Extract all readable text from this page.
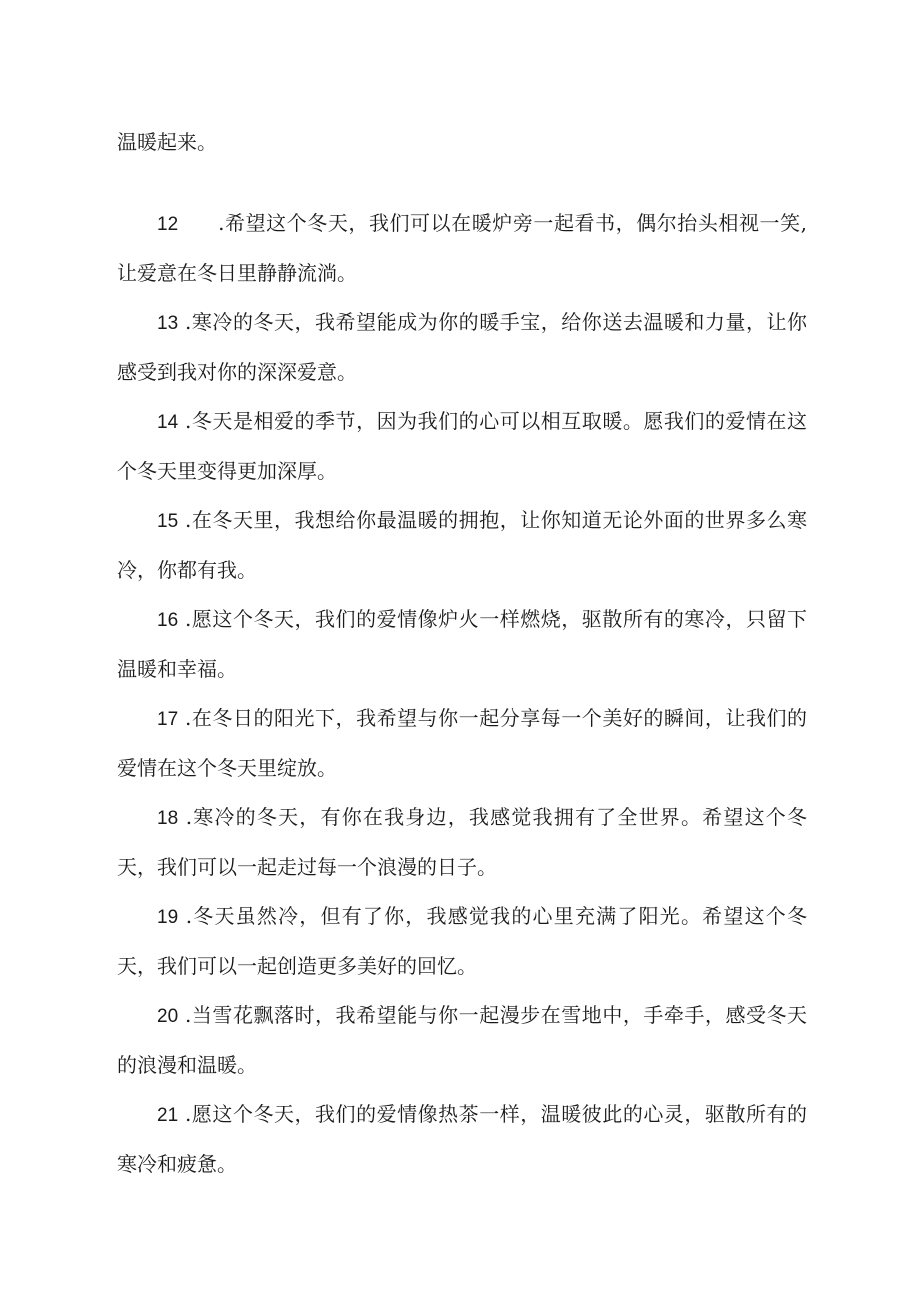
温暖起来。

12 .希望这个冬天，我们可以在暖炉旁一起看书，偶尔抬头相视一笑,让爱意在冬日里静静流淌。

13 .寒冷的冬天，我希望能成为你的暖手宝，给你送去温暖和力量，让你感受到我对你的深深爱意。

14 .冬天是相爱的季节，因为我们的心可以相互取暖。愿我们的爱情在这个冬天里变得更加深厚。

15 .在冬天里，我想给你最温暖的拥抱，让你知道无论外面的世界多么寒冷，你都有我。

16 .愿这个冬天，我们的爱情像炉火一样燃烧，驱散所有的寒冷，只留下温暖和幸福。

17 .在冬日的阳光下，我希望与你一起分享每一个美好的瞬间，让我们的爱情在这个冬天里绽放。

18 .寒冷的冬天，有你在我身边，我感觉我拥有了全世界。希望这个冬天，我们可以一起走过每一个浪漫的日子。

19 .冬天虽然冷，但有了你，我感觉我的心里充满了阳光。希望这个冬天，我们可以一起创造更多美好的回忆。

20 .当雪花飘落时，我希望能与你一起漫步在雪地中，手牵手，感受冬天的浪漫和温暖。

21 .愿这个冬天，我们的爱情像热茶一样，温暖彼此的心灵，驱散所有的寒冷和疲惫。
